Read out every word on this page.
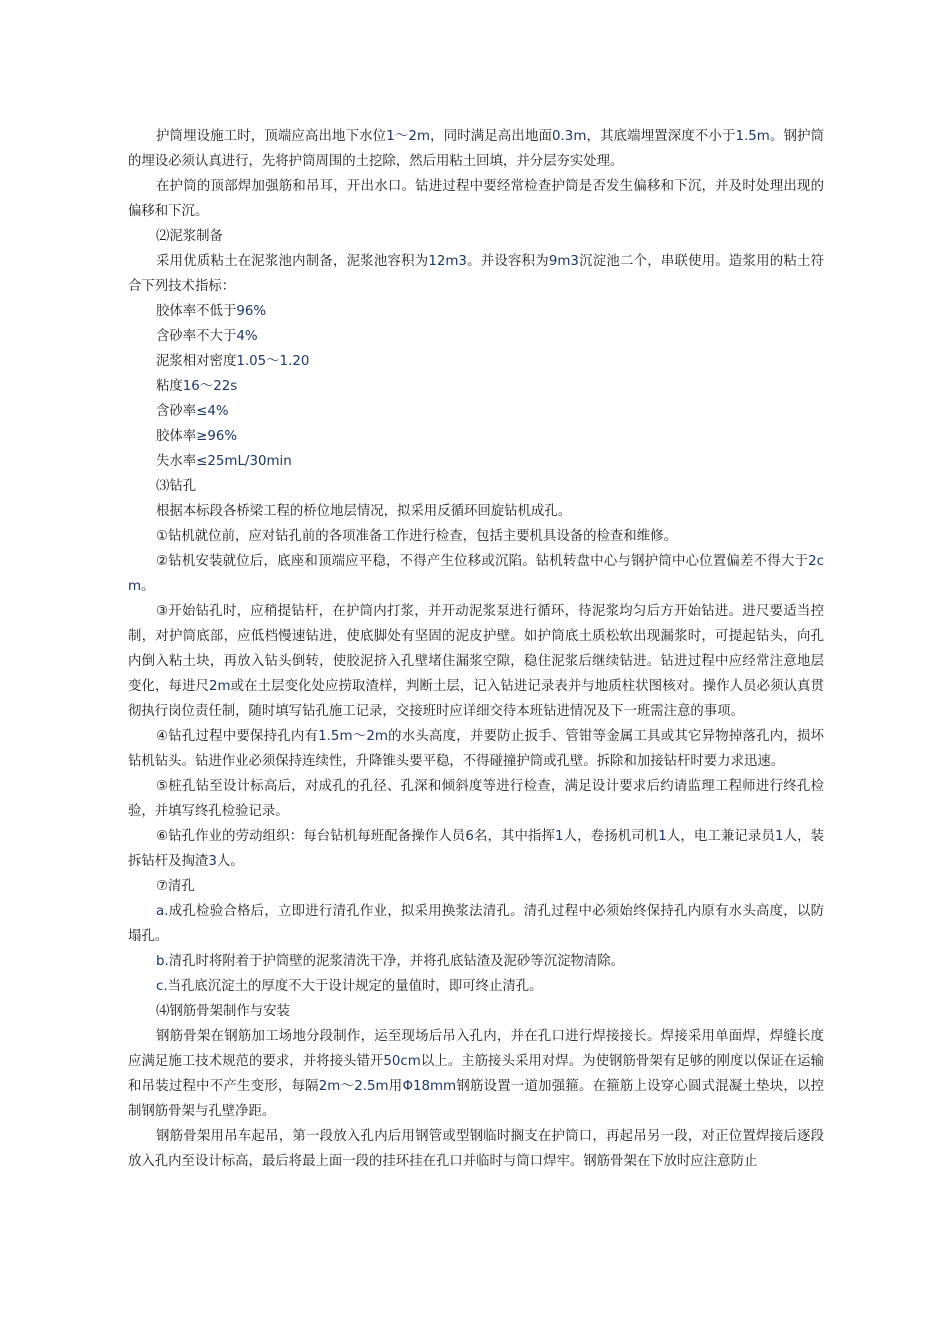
护筒埋设施工时，顶端应高出地下水位1～2m，同时满足高出地面0.3m，其底端埋置深度不小于1.5m。钢护筒的埋设必须认真进行，先将护筒周围的土挖除，然后用粘土回填，并分层夯实处理。

在护筒的顶部焊加强筋和吊耳，开出水口。钻进过程中要经常检查护筒是否发生偏移和下沉，并及时处理出现的偏移和下沉。

⑵泥浆制备

采用优质粘土在泥浆池内制备，泥浆池容积为12m3。并设容积为9m3沉淀池二个，串联使用。造浆用的粘土符合下列技术指标：

胶体率不低于96%

含砂率不大于4%

泥浆相对密度1.05～1.20

粘度16～22s

含砂率≤4%

胶体率≥96%

失水率≤25mL/30min

⑶钻孔

根据本标段各桥梁工程的桥位地层情况，拟采用反循环回旋钻机成孔。

①钻机就位前，应对钻孔前的各项准备工作进行检查，包括主要机具设备的检查和维修。

②钻机安装就位后，底座和顶端应平稳，不得产生位移或沉陷。钻机转盘中心与钢护筒中心位置偏差不得大于2cm。

③开始钻孔时，应稍提钻杆，在护筒内打浆，并开动泥浆泵进行循环，待泥浆均匀后方开始钻进。进尺要适当控制，对护筒底部，应低档慢速钻进，使底脚处有坚固的泥皮护壁。如护筒底土质松软出现漏浆时，可提起钻头，向孔内倒入粘土块，再放入钻头倒转，使胶泥挤入孔壁堵住漏浆空隙，稳住泥浆后继续钻进。钻进过程中应经常注意地层变化，每进尺2m或在土层变化处应捞取渣样，判断土层，记入钻进记录表并与地质柱状图核对。操作人员必须认真贯彻执行岗位责任制，随时填写钻孔施工记录，交接班时应详细交待本班钻进情况及下一班需注意的事项。

④钻孔过程中要保持孔内有1.5m～2m的水头高度，并要防止扳手、管钳等金属工具或其它异物掉落孔内，损坏钻机钻头。钻进作业必须保持连续性，升降锥头要平稳，不得碰撞护筒或孔壁。拆除和加接钻杆时要力求迅速。

⑤桩孔钻至设计标高后，对成孔的孔径、孔深和倾斜度等进行检查，满足设计要求后约请监理工程师进行终孔检验，并填写终孔检验记录。

⑥钻孔作业的劳动组织：每台钻机每班配备操作人员6名，其中指挥1人，卷扬机司机1人，电工兼记录员1人，装拆钻杆及掏渣3人。

⑦清孔

a.成孔检验合格后，立即进行清孔作业，拟采用换浆法清孔。清孔过程中必须始终保持孔内原有水头高度，以防塌孔。

b.清孔时将附着于护筒壁的泥浆清洗干净，并将孔底钻渣及泥砂等沉淀物清除。

c.当孔底沉淀土的厚度不大于设计规定的量值时，即可终止清孔。

⑷钢筋骨架制作与安装

钢筋骨架在钢筋加工场地分段制作，运至现场后吊入孔内，并在孔口进行焊接接长。焊接采用单面焊，焊缝长度应满足施工技术规范的要求，并将接头错开50cm以上。主筋接头采用对焊。为使钢筋骨架有足够的刚度以保证在运输和吊装过程中不产生变形，每隔2m～2.5m用Φ18mm钢筋设置一道加强箍。在箍筋上设穿心圆式混凝土垫块，以控制钢筋骨架与孔壁净距。

钢筋骨架用吊车起吊，第一段放入孔内后用钢管或型钢临时搁支在护筒口，再起吊另一段，对正位置焊接后逐段放入孔内至设计标高，最后将最上面一段的挂环挂在孔口并临时与筒口焊牢。钢筋骨架在下放时应注意防止
